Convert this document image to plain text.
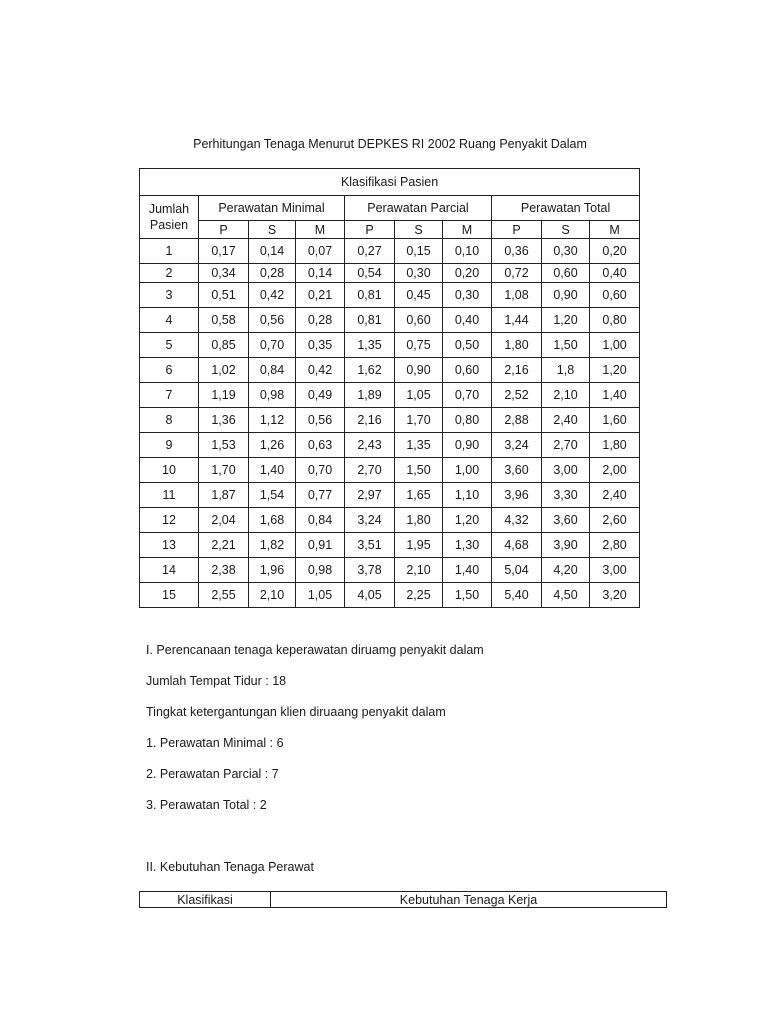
Perhitungan Tenaga Menurut DEPKES RI 2002 Ruang Penyakit Dalam
Klasifikasi Pasien									
Jumlah
Pasien	Perawatan Minimal			Perawatan Parcial			Perawatan Total		
	P	S	M	P	S	M	P	S	M
1	0,17	0,14	0,07	0,27	0,15	0,10	0,36	0,30	0,20
2	0,34	0,28	0,14	0,54	0,30	0,20	0,72	0,60	0,40
3	0,51	0,42	0,21	0,81	0,45	0,30	1,08	0,90	0,60
4	0,58	0,56	0,28	0,81	0,60	0,40	1,44	1,20	0,80
5	0,85	0,70	0,35	1,35	0,75	0,50	1,80	1,50	1,00
6	1,02	0,84	0,42	1,62	0,90	0,60	2,16	1,8	1,20
7	1,19	0,98	0,49	1,89	1,05	0,70	2,52	2,10	1,40
8	1,36	1,12	0,56	2,16	1,70	0,80	2,88	2,40	1,60
9	1,53	1,26	0,63	2,43	1,35	0,90	3,24	2,70	1,80
10	1,70	1,40	0,70	2,70	1,50	1,00	3,60	3,00	2,00
11	1,87	1,54	0,77	2,97	1,65	1,10	3,96	3,30	2,40
12	2,04	1,68	0,84	3,24	1,80	1,20	4,32	3,60	2,60
13	2,21	1,82	0,91	3,51	1,95	1,30	4,68	3,90	2,80
14	2,38	1,96	0,98	3,78	2,10	1,40	5,04	4,20	3,00
15	2,55	2,10	1,05	4,05	2,25	1,50	5,40	4,50	3,20
I. Perencanaan tenaga keperawatan diruamg penyakit dalam
Jumlah Tempat Tidur : 18
Tingkat ketergantungan klien diruaang penyakit dalam
1. Perawatan Minimal : 6
2. Perawatan Parcial : 7
3. Perawatan Total : 2
II. Kebutuhan Tenaga Perawat
Klasifikasi	Kebutuhan Tenaga Kerja
